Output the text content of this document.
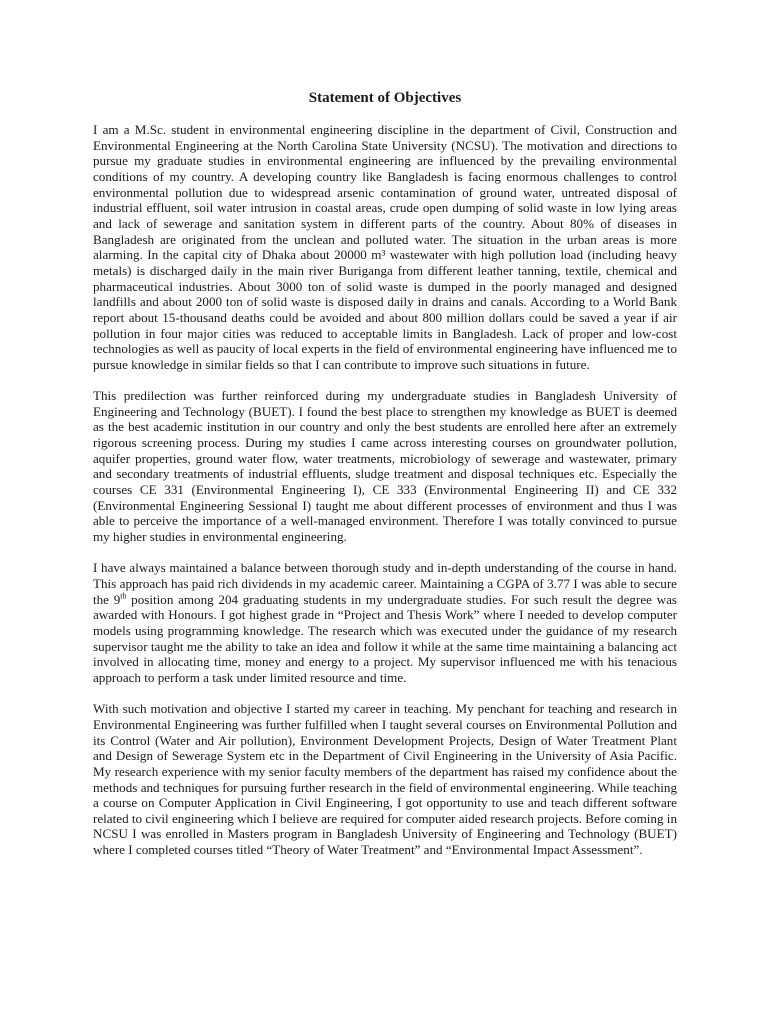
Statement of Objectives

I am a M.Sc. student in environmental engineering discipline in the department of Civil, Construction and Environmental Engineering at the North Carolina State University (NCSU). The motivation and directions to pursue my graduate studies in environmental engineering are influenced by the prevailing environmental conditions of my country. A developing country like Bangladesh is facing enormous challenges to control environmental pollution due to widespread arsenic contamination of ground water, untreated disposal of industrial effluent, soil water intrusion in coastal areas, crude open dumping of solid waste in low lying areas and lack of sewerage and sanitation system in different parts of the country. About 80% of diseases in Bangladesh are originated from the unclean and polluted water. The situation in the urban areas is more alarming. In the capital city of Dhaka about 20000 m³ wastewater with high pollution load (including heavy metals) is discharged daily in the main river Buriganga from different leather tanning, textile, chemical and pharmaceutical industries. About 3000 ton of solid waste is dumped in the poorly managed and designed landfills and about 2000 ton of solid waste is disposed daily in drains and canals. According to a World Bank report about 15-thousand deaths could be avoided and about 800 million dollars could be saved a year if air pollution in four major cities was reduced to acceptable limits in Bangladesh. Lack of proper and low-cost technologies as well as paucity of local experts in the field of environmental engineering have influenced me to pursue knowledge in similar fields so that I can contribute to improve such situations in future.

This predilection was further reinforced during my undergraduate studies in Bangladesh University of Engineering and Technology (BUET). I found the best place to strengthen my knowledge as BUET is deemed as the best academic institution in our country and only the best students are enrolled here after an extremely rigorous screening process. During my studies I came across interesting courses on groundwater pollution, aquifer properties, ground water flow, water treatments, microbiology of sewerage and wastewater, primary and secondary treatments of industrial effluents, sludge treatment and disposal techniques etc. Especially the courses CE 331 (Environmental Engineering I), CE 333 (Environmental Engineering II) and CE 332 (Environmental Engineering Sessional I) taught me about different processes of environment and thus I was able to perceive the importance of a well-managed environment. Therefore I was totally convinced to pursue my higher studies in environmental engineering.

I have always maintained a balance between thorough study and in-depth understanding of the course in hand. This approach has paid rich dividends in my academic career. Maintaining a CGPA of 3.77 I was able to secure the 9th position among 204 graduating students in my undergraduate studies. For such result the degree was awarded with Honours. I got highest grade in “Project and Thesis Work” where I needed to develop computer models using programming knowledge. The research which was executed under the guidance of my research supervisor taught me the ability to take an idea and follow it while at the same time maintaining a balancing act involved in allocating time, money and energy to a project. My supervisor influenced me with his tenacious approach to perform a task under limited resource and time.

With such motivation and objective I started my career in teaching. My penchant for teaching and research in Environmental Engineering was further fulfilled when I taught several courses on Environmental Pollution and its Control (Water and Air pollution), Environment Development Projects, Design of Water Treatment Plant and Design of Sewerage System etc in the Department of Civil Engineering in the University of Asia Pacific. My research experience with my senior faculty members of the department has raised my confidence about the methods and techniques for pursuing further research in the field of environmental engineering. While teaching a course on Computer Application in Civil Engineering, I got opportunity to use and teach different software related to civil engineering which I believe are required for computer aided research projects. Before coming in NCSU I was enrolled in Masters program in Bangladesh University of Engineering and Technology (BUET) where I completed courses titled “Theory of Water Treatment” and “Environmental Impact Assessment”.
